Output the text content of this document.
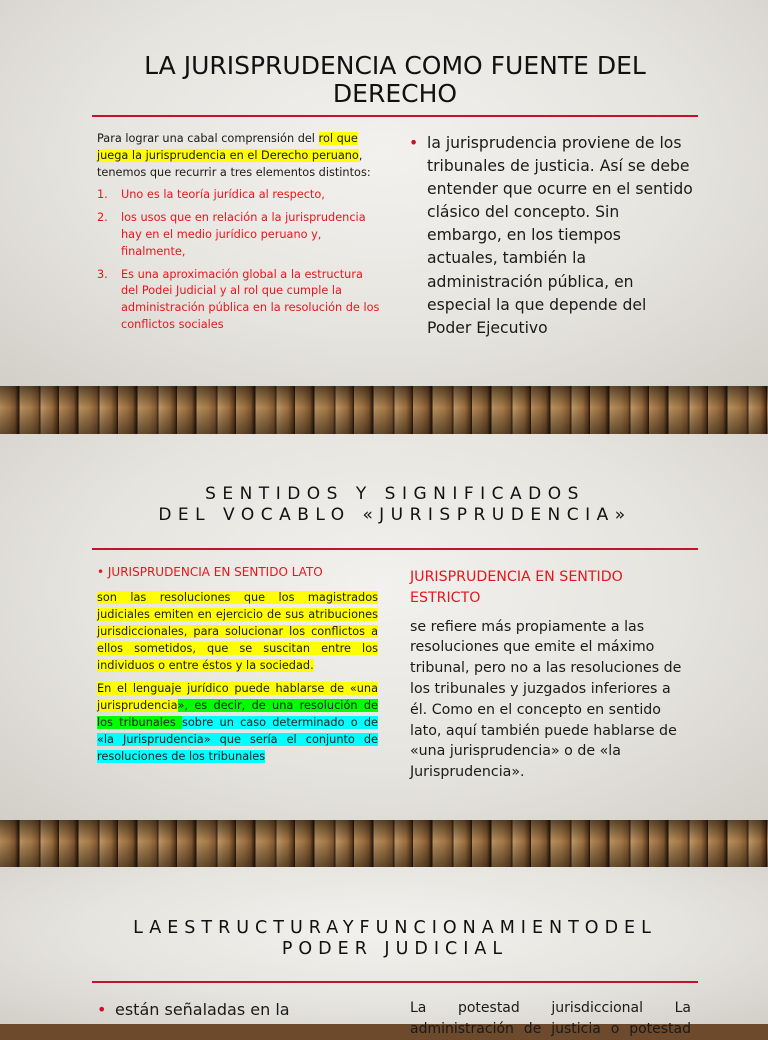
LA JURISPRUDENCIA COMO FUENTE DEL DERECHO
Para lograr una cabal comprensión del rol que juega la jurisprudencia en el Derecho peruano, tenemos que recurrir a tres elementos distintos:
1. Uno es la teoría jurídica al respecto,
2. los usos que en relación a la jurisprudencia hay en el medio jurídico peruano y, finalmente,
3. Es una aproximación global a la estructura del Podei Judicial y al rol que cumple la administración pública en la resolución de los conflictos sociales
• la jurisprudencia proviene de los tribunales de justicia. Así se debe entender que ocurre en el sentido clásico del concepto. Sin embargo, en los tiempos actuales, también la administración pública, en especial la que depende del Poder Ejecutivo
SENTIDOS Y SIGNIFICADOS
DEL VOCABLO «JURISPRUDENCIA»
• JURISPRUDENCIA EN SENTIDO LATO

son las resoluciones que los magistrados judiciales emiten en ejercicio de sus atribuciones jurisdiccionales, para solucionar los conflictos a ellos sometidos, que se suscitan entre los individuos o entre éstos y la sociedad.

En el lenguaje jurídico puede hablarse de «una jurisprudencia», es decir, de una resolución de los tribunales sobre un caso determinado o de «la Jurisprudencia» que sería el conjunto de resoluciones de los tribunales

JURISPRUDENCIA EN SENTIDO ESTRICTO
se refiere más propiamente a las resoluciones que emite el máximo tribunal, pero no a las resoluciones de los tribunales y juzgados inferiores a él. Como en el concepto en sentido lato, aquí también puede hablarse de «una jurisprudencia» o de «la Jurisprudencia».
LAESTRUCTURAYFUNCIONAMIENTODEL
PODER JUDICIAL
• están señaladas en la	La potestad jurisdiccional La administración de justicia o potestad
